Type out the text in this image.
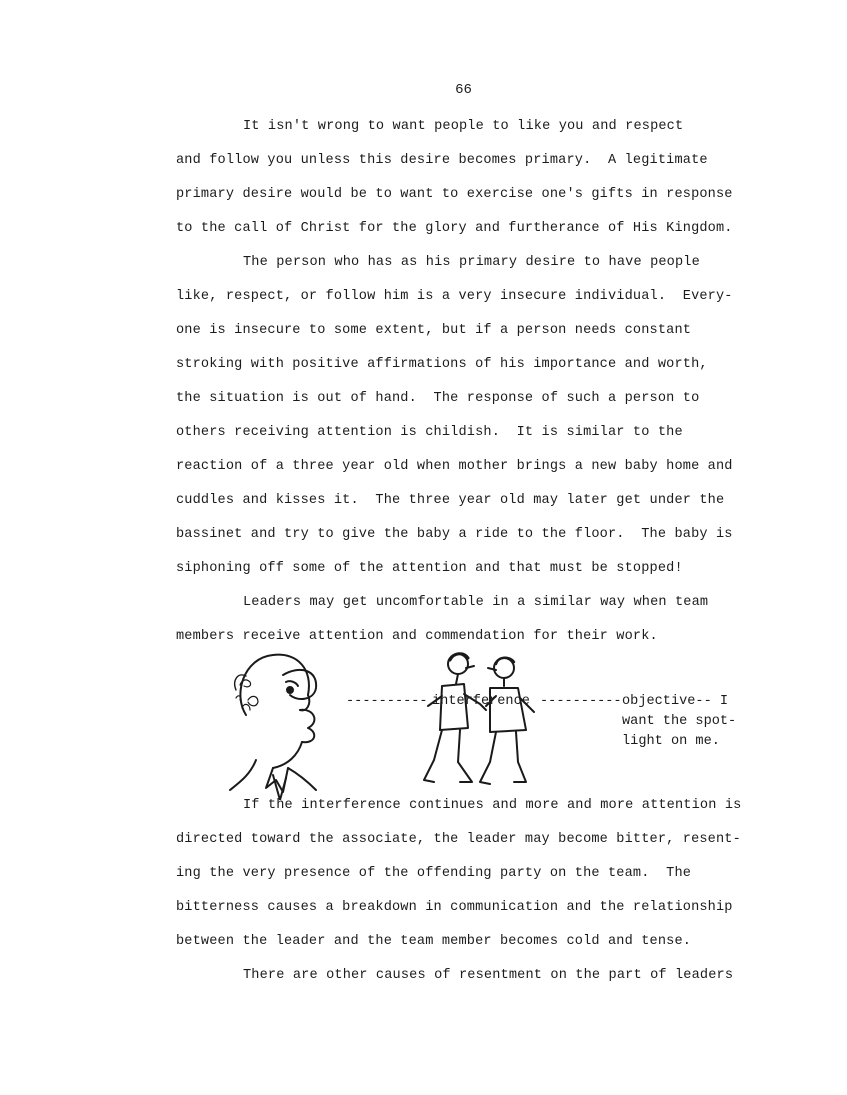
66
It isn't wrong to want people to like you and respect
and follow you unless this desire becomes primary.  A legitimate
primary desire would be to want to exercise one's gifts in response
to the call of Christ for the glory and furtherance of His Kingdom.
The person who has as his primary desire to have people
like, respect, or follow him is a very insecure individual.  Every-
one is insecure to some extent, but if a person needs constant
stroking with positive affirmations of his importance and worth,
the situation is out of hand.  The response of such a person to
others receiving attention is childish.  It is similar to the
reaction of a three year old when mother brings a new baby home and
cuddles and kisses it.  The three year old may later get under the
bassinet and try to give the baby a ride to the floor.  The baby is
siphoning off some of the attention and that must be stopped!
Leaders may get uncomfortable in a similar way when team
members receive attention and commendation for their work.
---------- interference ---------- objective-- I
want the spot-
light on me.
If the interference continues and more and more attention is
directed toward the associate, the leader may become bitter, resent-
ing the very presence of the offending party on the team.  The
bitterness causes a breakdown in communication and the relationship
between the leader and the team member becomes cold and tense.
There are other causes of resentment on the part of leaders
